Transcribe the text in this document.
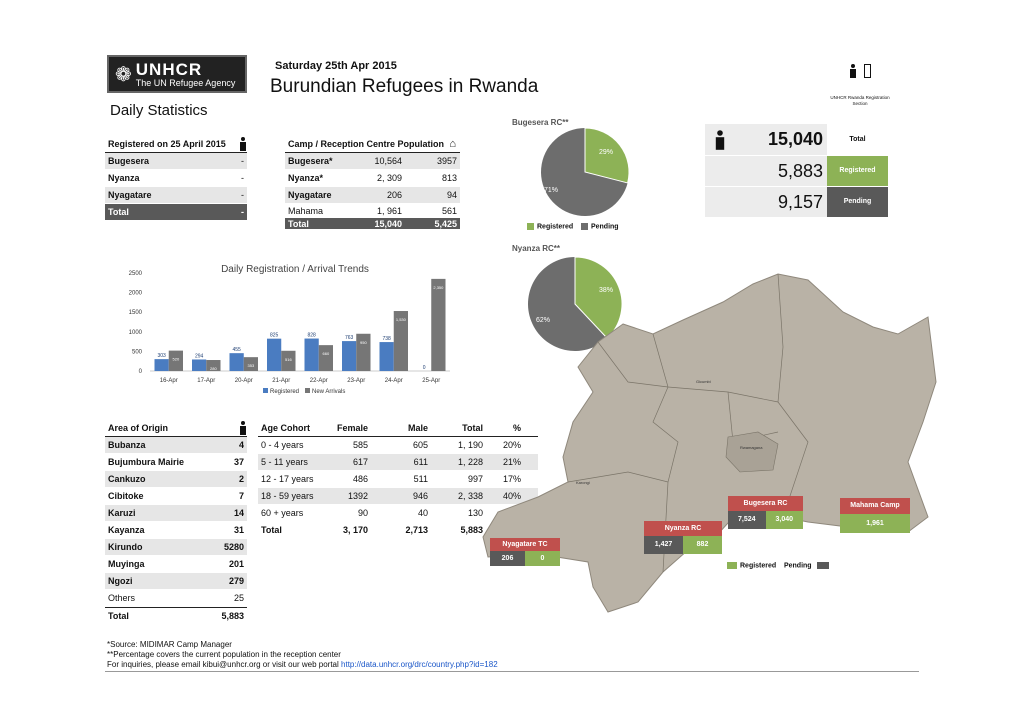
❁ UNHCR
The UN Refugee Agency
Saturday 25th Apr 2015
Burundian Refugees in Rwanda
Daily Statistics

UNHCR Rwanda Registration Section
Registered on 25 April 2015
Bugesera	-
Nyanza	-
Nyagatare	-
Total	-
Camp / Reception Centre Population ⌂
Bugesera*	10,564	3957
Nyanza*	2, 309	813
Nyagatare	206	94
Mahama	1, 961	561
Total	15,040	5,425
Bugesera RC**
29%
71%
Registered	Pending
Nyanza RC**
38%
62%
15,040	Total
5,883	Registered
9,157	Pending
Daily Registration / Arrival Trends
0
500
1000
1500
2000
2500
303 520
16-Apr
294
280
17-Apr
455
353
20-Apr
825
516
21-Apr
828
660
22-Apr
763
950
23-Apr
738
1,530
24-Apr
0
2,350
25-Apr
Registered New Arrivals
Area of Origin
Bubanza	4
Bujumbura Mairie	37
Cankuzo	2
Cibitoke	7
Karuzi	14
Kayanza	31
Kirundo	5280
Muyinga	201
Ngozi	279
Others	25
Total	5,883
Age Cohort	Female	Male	Total	%
0 - 4 years	585	605	1, 190	20%
5 - 11 years	617	611	1, 228	21%
12 - 17 years	486	511	997	17%
18 - 59 years	1392	946	2, 338	40%
60 + years	90	40	130
Total	3, 170	2,713	5,883
Gicumbi
Rwamagana
Karongi
Nyagatare TC
206	0
Nyanza RC
1,427	882
Bugesera RC
7,524	3,040
Mahama Camp
1,961
Registered Pending
*Source: MIDIMAR Camp Manager
**Percentage covers the current population in the reception center
For inquiries, please email kibui@unhcr.org or visit our web portal http://data.unhcr.org/drc/country.php?id=182
